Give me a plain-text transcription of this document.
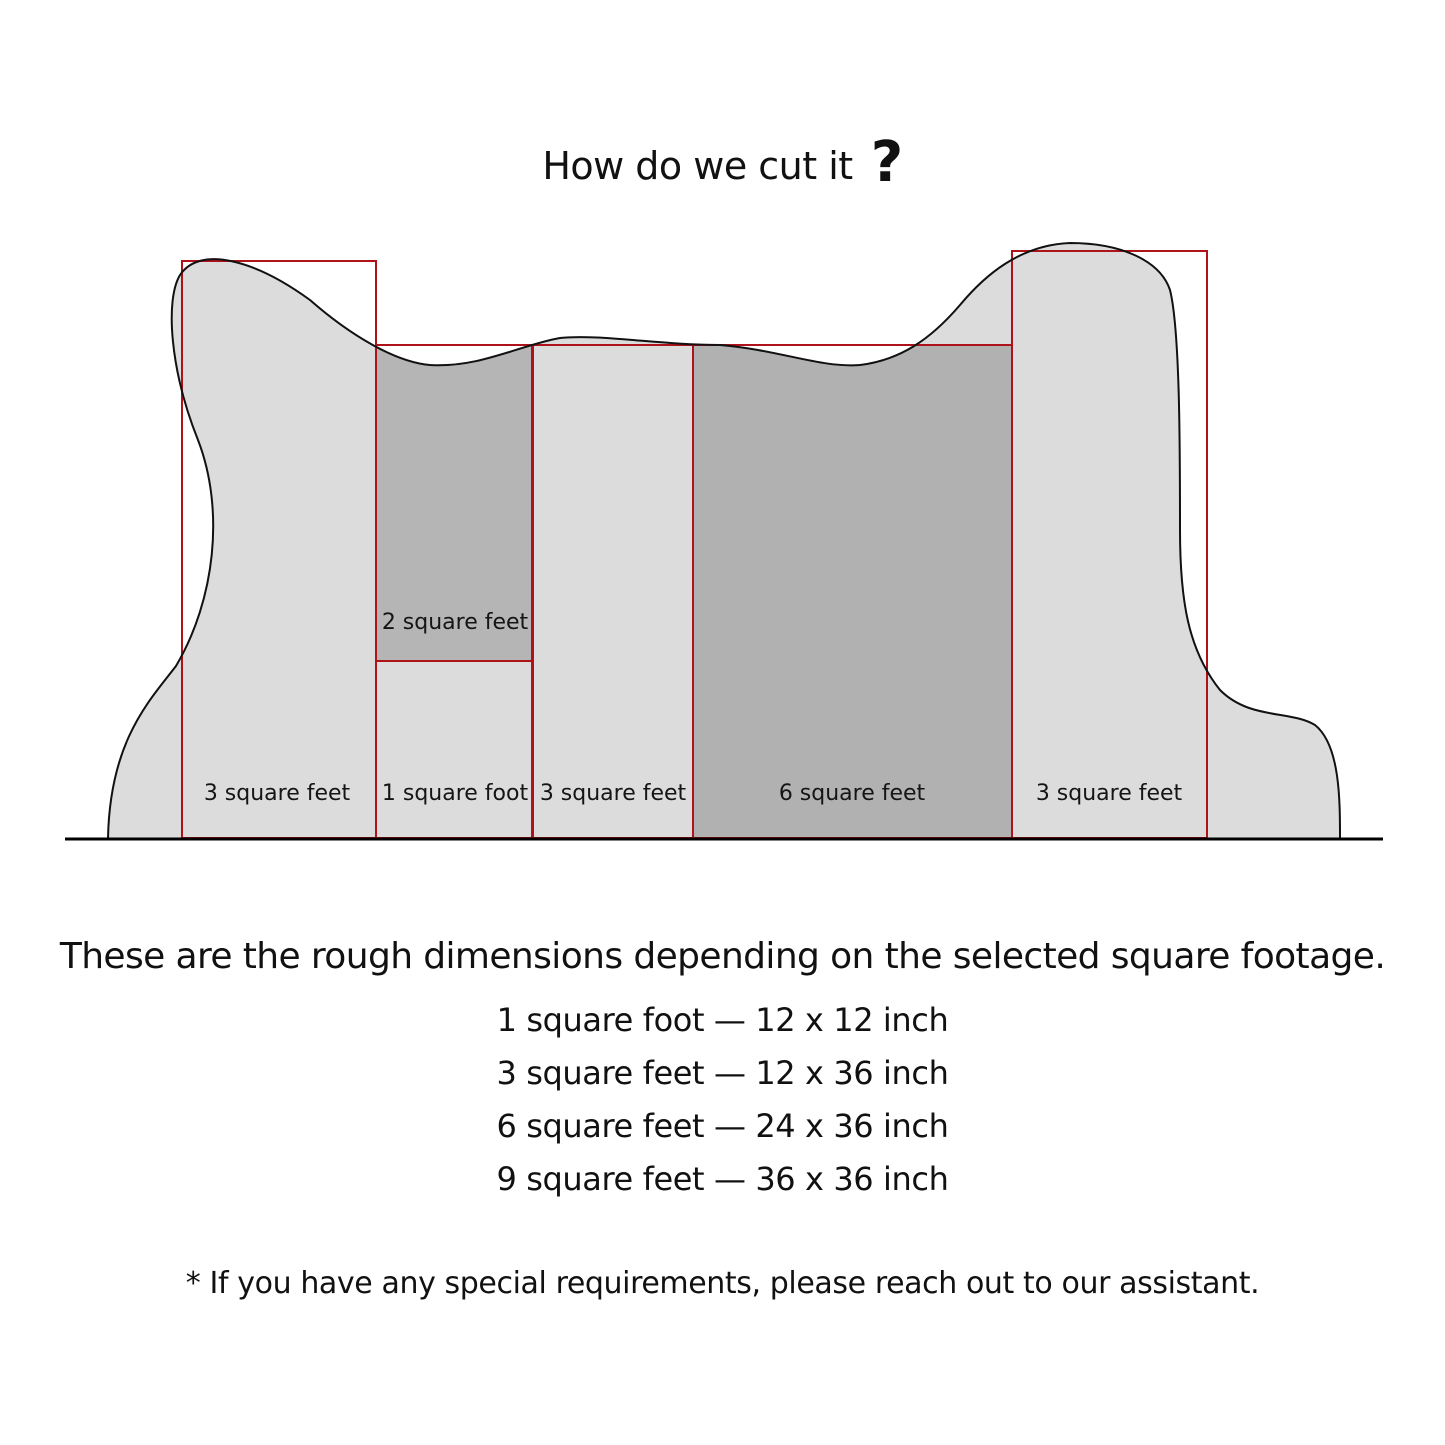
How do we cut it ?
3 square feet
2 square feet
1 square foot 3 square feet	6 square feet	3 square feet
These are the rough dimensions depending on the selected square footage.
1 square foot — 12 x 12 inch
3 square feet — 12 x 36 inch
6 square feet — 24 x 36 inch
9 square feet — 36 x 36 inch
* If you have any special requirements, please reach out to our assistant.
